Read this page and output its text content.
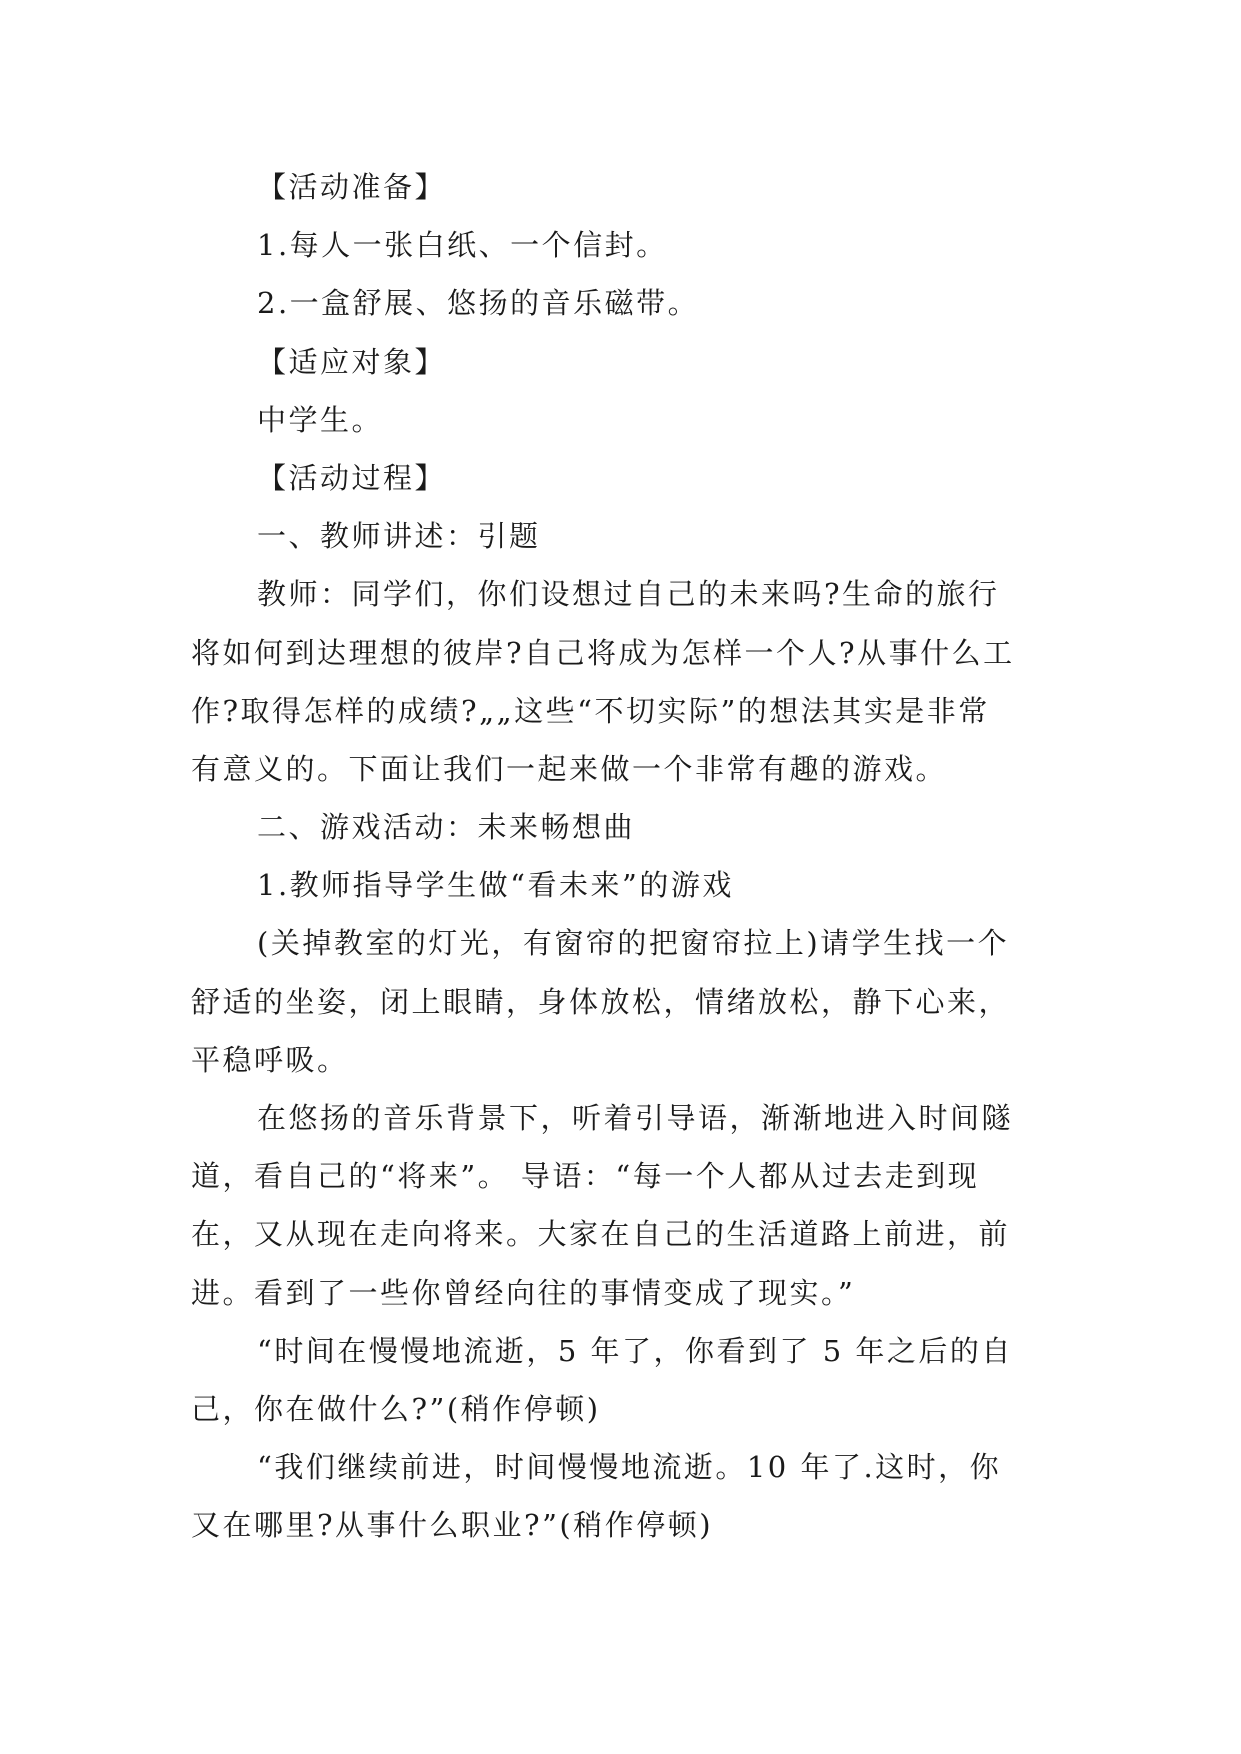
【活动准备】
1.每人一张白纸、一个信封。
2.一盒舒展、悠扬的音乐磁带。
【适应对象】
中学生。
【活动过程】
一、教师讲述：引题
教师：同学们，你们设想过自己的未来吗?生命的旅行
将如何到达理想的彼岸?自己将成为怎样一个人?从事什么工
作?取得怎样的成绩?„„这些“不切实际”的想法其实是非常
有意义的。下面让我们一起来做一个非常有趣的游戏。
二、游戏活动：未来畅想曲
1.教师指导学生做“看未来”的游戏
(关掉教室的灯光，有窗帘的把窗帘拉上)请学生找一个
舒适的坐姿，闭上眼睛，身体放松，情绪放松，静下心来，
平稳呼吸。
在悠扬的音乐背景下，听着引导语，渐渐地进入时间隧
道，看自己的“将来”。 导语：“每一个人都从过去走到现
在，又从现在走向将来。大家在自己的生活道路上前进，前
进。看到了一些你曾经向往的事情变成了现实。”
“时间在慢慢地流逝，5 年了，你看到了 5 年之后的自
己，你在做什么?”(稍作停顿)
“我们继续前进，时间慢慢地流逝。10 年了.这时，你
又在哪里?从事什么职业?”(稍作停顿)
